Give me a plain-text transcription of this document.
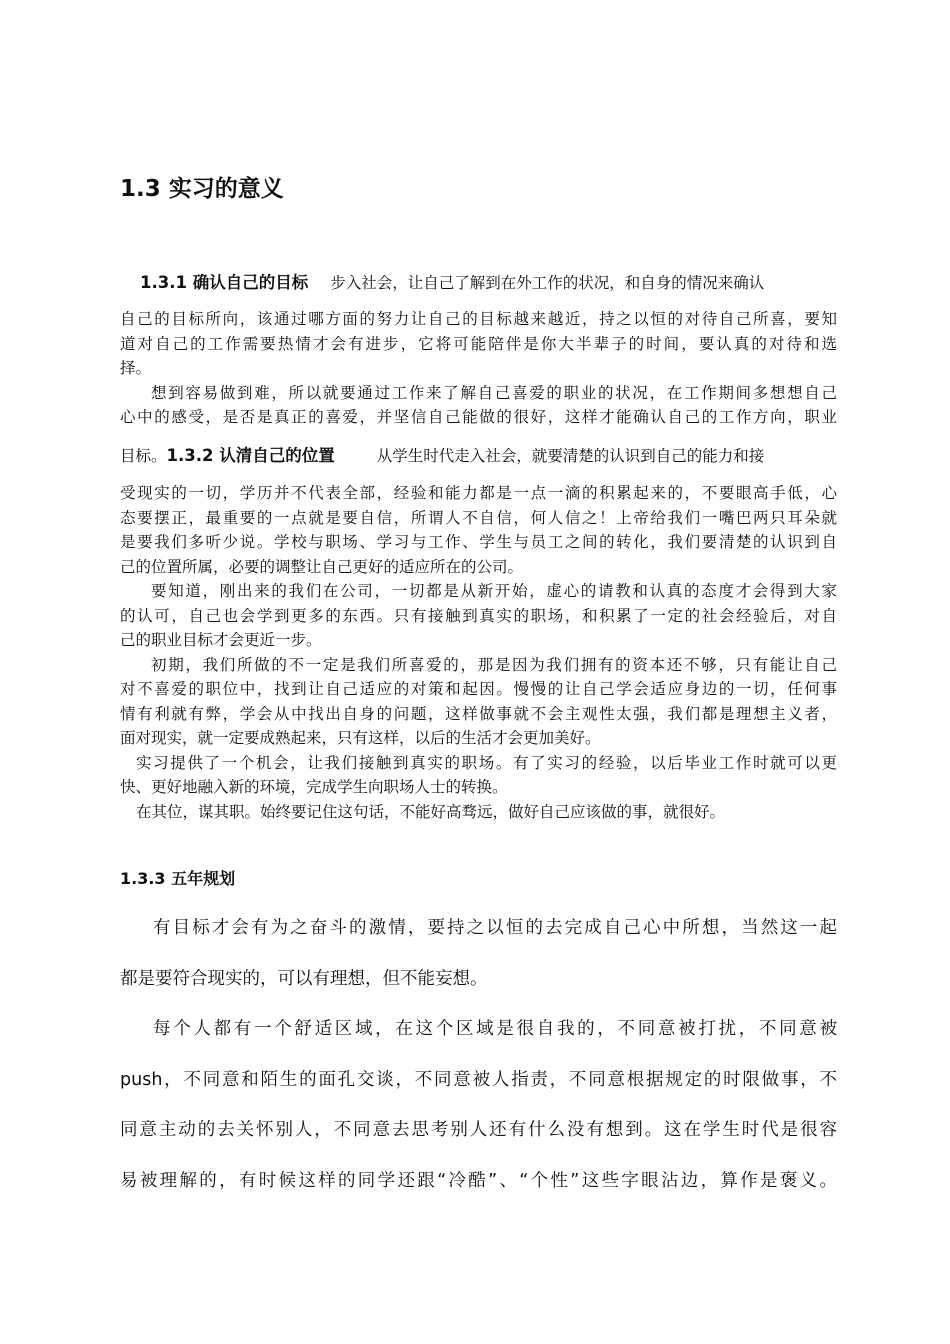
1.3 实习的意义
1.3.1 确认自己的目标 步入社会，让自己了解到在外工作的状况，和自身的情况来确认
自己的目标所向，该通过哪方面的努力让自己的目标越来越近，持之以恒的对待自己所喜，要知
道对自己的工作需要热情才会有进步，它将可能陪伴是你大半辈子的时间，要认真的对待和选
择。
想到容易做到难，所以就要通过工作来了解自己喜爱的职业的状况，在工作期间多想想自己
心中的感受，是否是真正的喜爱，并坚信自己能做的很好，这样才能确认自己的工作方向，职业
目标。1.3.2 认清自己的位置	从学生时代走入社会，就要清楚的认识到自己的能力和接
受现实的一切，学历并不代表全部，经验和能力都是一点一滴的积累起来的，不要眼高手低，心
态要摆正，最重要的一点就是要自信，所谓人不自信，何人信之！上帝给我们一嘴巴两只耳朵就
是要我们多听少说。学校与职场、学习与工作、学生与员工之间的转化，我们要清楚的认识到自
己的位置所属，必要的调整让自己更好的适应所在的公司。
要知道，刚出来的我们在公司，一切都是从新开始，虚心的请教和认真的态度才会得到大家
的认可，自己也会学到更多的东西。只有接触到真实的职场，和积累了一定的社会经验后，对自
己的职业目标才会更近一步。
初期，我们所做的不一定是我们所喜爱的，那是因为我们拥有的资本还不够，只有能让自己
对不喜爱的职位中，找到让自己适应的对策和起因。慢慢的让自己学会适应身边的一切，任何事
情有利就有弊，学会从中找出自身的问题，这样做事就不会主观性太强，我们都是理想主义者，
面对现实，就一定要成熟起来，只有这样，以后的生活才会更加美好。
实习提供了一个机会，让我们接触到真实的职场。有了实习的经验，以后毕业工作时就可以更
快、更好地融入新的环境，完成学生向职场人士的转换。
在其位，谋其职。始终要记住这句话，不能好高骛远，做好自己应该做的事，就很好。
1.3.3 五年规划
有目标才会有为之奋斗的激情，要持之以恒的去完成自己心中所想，当然这一起
都是要符合现实的，可以有理想，但不能妄想。
每个人都有一个舒适区域，在这个区域是很自我的，不同意被打扰，不同意被
push，不同意和陌生的面孔交谈，不同意被人指责，不同意根据规定的时限做事，不
同意主动的去关怀别人，不同意去思考别人还有什么没有想到。这在学生时代是很容
易被理解的，有时候这样的同学还跟“冷酷”、“个性”这些字眼沾边，算作是褒义。
